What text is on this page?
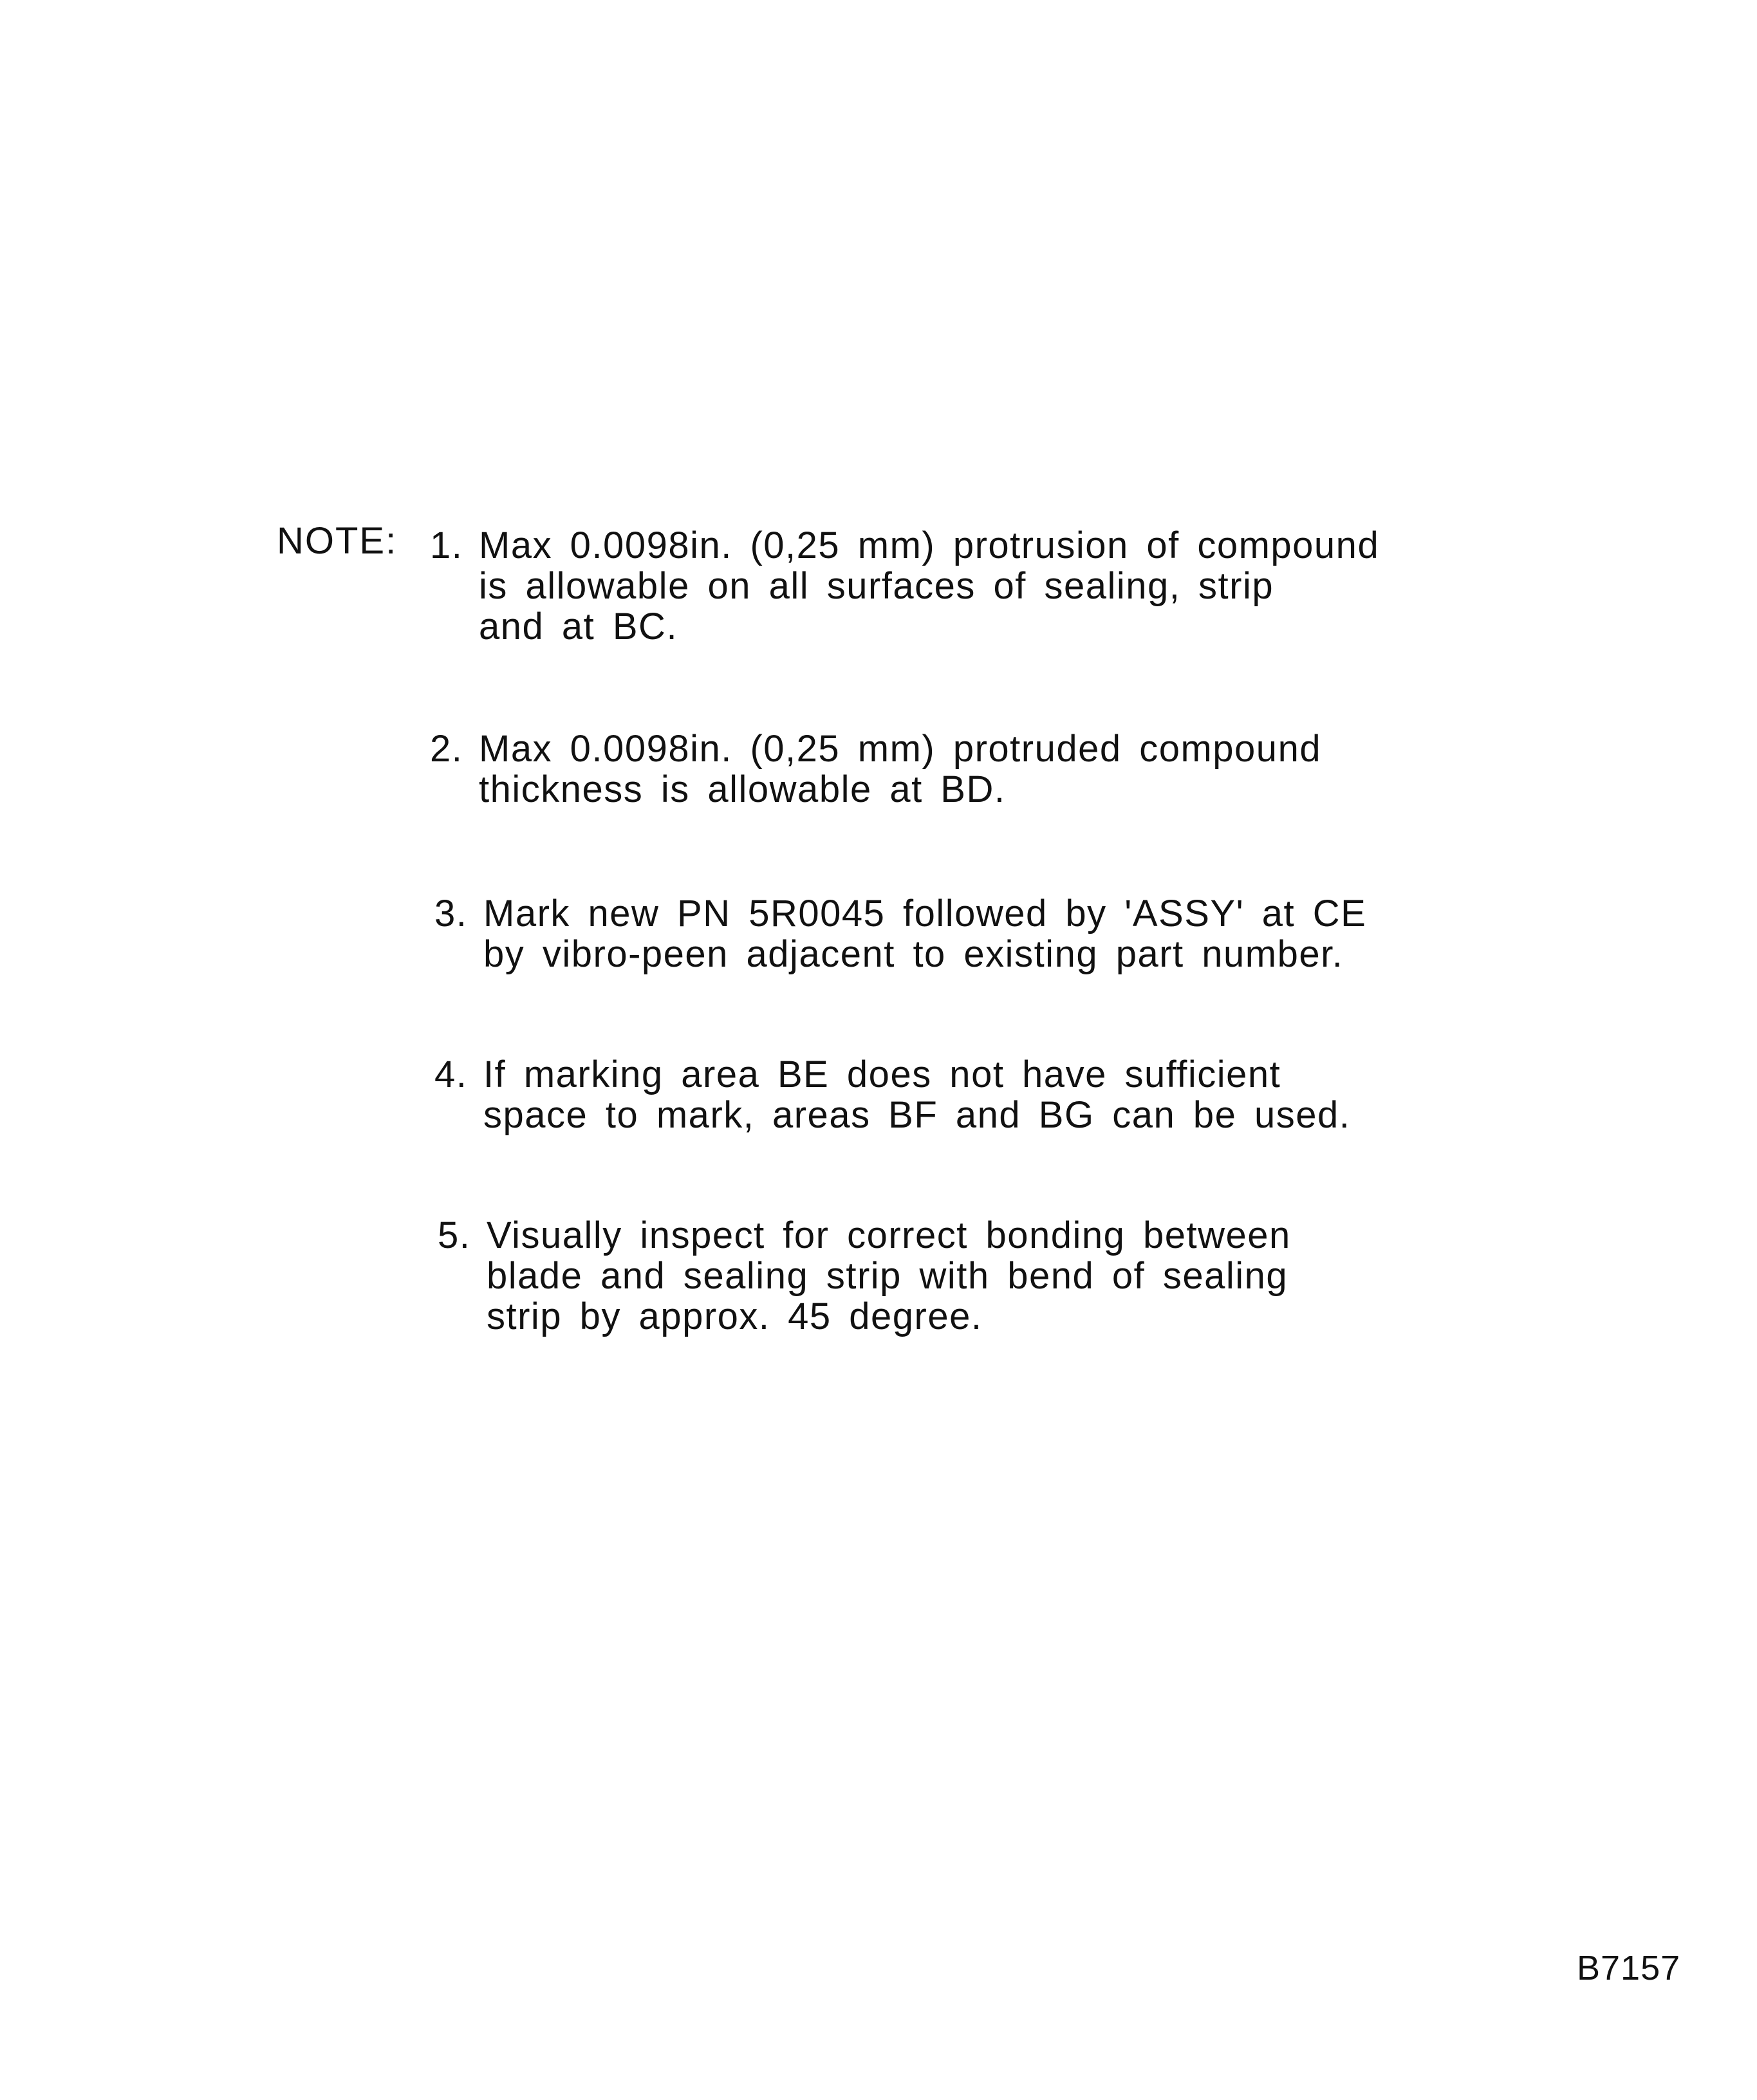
NOTE: 1. Max 0.0098in. (0,25 mm) protrusion of compound
is allowable on all surfaces of sealing, strip
and at BC.
2. Max 0.0098in. (0,25 mm) protruded compound
thickness is allowable at BD.
3. Mark new PN 5R0045 followed by 'ASSY' at CE
by vibro-peen adjacent to existing part number.
4. If marking area BE does not have sufficient
space to mark, areas BF and BG can be used.
5. Visually inspect for correct bonding between
blade and sealing strip with bend of sealing
strip by approx. 45 degree.
B7157
